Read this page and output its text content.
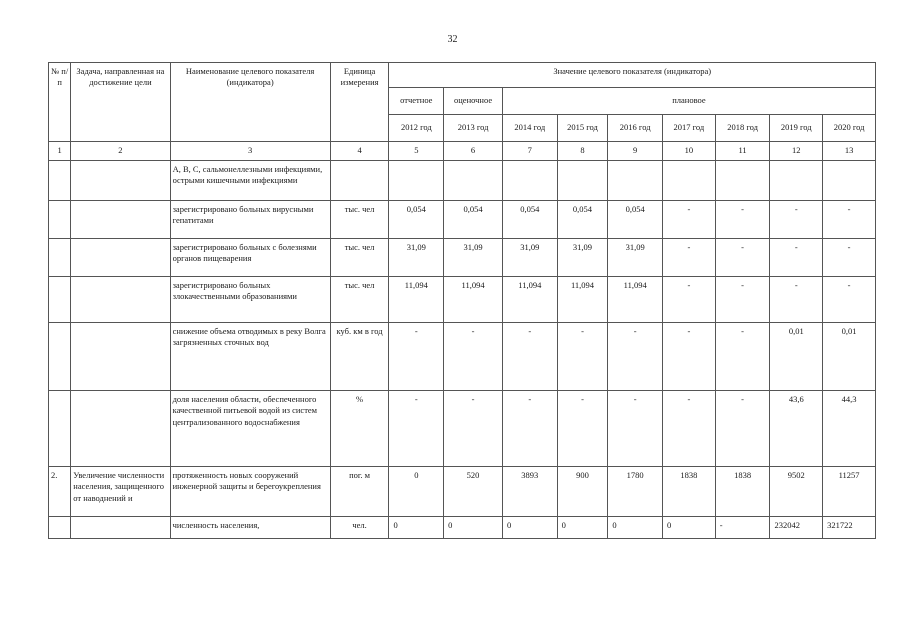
32
№ п/п	Задача, направленная на достижение цели	Наименование целевого показателя (индикатора)	Единица измерения	Значение целевого показателя (индикатора)								
				отчетное	оценочное	плановое						
				2012 год	2013 год	2014 год	2015 год	2016 год	2017 год	2018 год	2019 год	2020 год
1	2	3	4	5	6	7	8	9	10	11	12	13
		А, В, С, сальмонеллезными инфекциями, острыми кишечными инфекциями										
		зарегистрировано больных вирусными гепатитами	тыс. чел	0,054	0,054	0,054	0,054	0,054	-	-	-	-
		зарегистрировано больных с болезнями органов пищеварения	тыс. чел	31,09	31,09	31,09	31,09	31,09	-	-	-	-
		зарегистрировано больных злокачественными образованиями	тыс. чел	11,094	11,094	11,094	11,094	11,094	-	-	-	-
		снижение объема отводимых в реку Волга загрязненных сточных вод	куб. км в год	-	-	-	-	-	-	-	0,01	0,01
		доля населения области, обеспеченного качественной питьевой водой из систем централизованного водоснабжения	%	-	-	-	-	-	-	-	43,6	44,3
2.	Увеличение численности населения, защищенного от наводнений и	протяженность новых сооружений инженерной защиты и берегоукрепления	пог. м	0	520	3893	900	1780	1838	1838	9502	11257
		численность населения,	чел.	0	0	0	0	0	0	-	232042	321722
